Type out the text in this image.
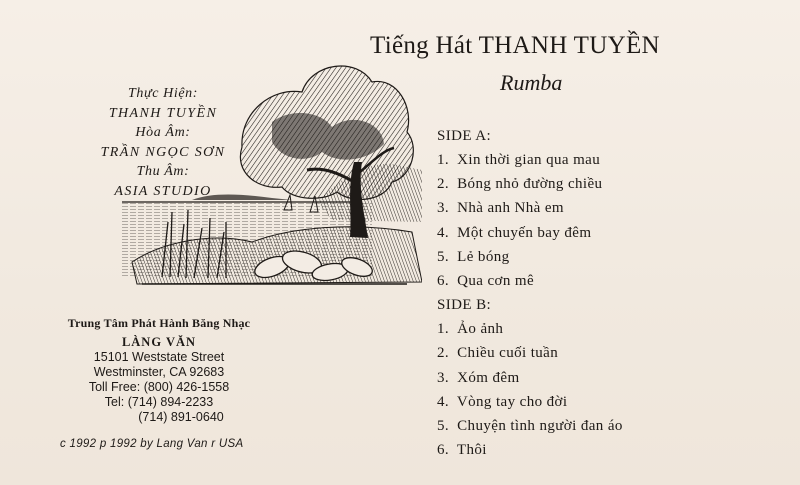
Thực Hiện:
THANH TUYỀN
Hòa Âm:
TRẦN NGỌC SƠN
Thu Âm:
ASIA STUDIO
Tiếng Hát THANH TUYỀN
Rumba
SIDE A:
1. Xin thời gian qua mau
2. Bóng nhỏ đường chiều
3. Nhà anh Nhà em
4. Một chuyến bay đêm
5. Lẻ bóng
6. Qua cơn mê
SIDE B:
1. Ảo ảnh
2. Chiều cuối tuần
3. Xóm đêm
4. Vòng tay cho đời
5. Chuyện tình người đan áo
6. Thôi
Trung Tâm Phát Hành Băng Nhạc
LÀNG VĂN
15101 Weststate Street
Westminster, CA 92683
Toll Free: (800) 426-1558
Tel: (714) 894-2233
(714) 891-0640
c 1992 p 1992 by Lang Van r USA
